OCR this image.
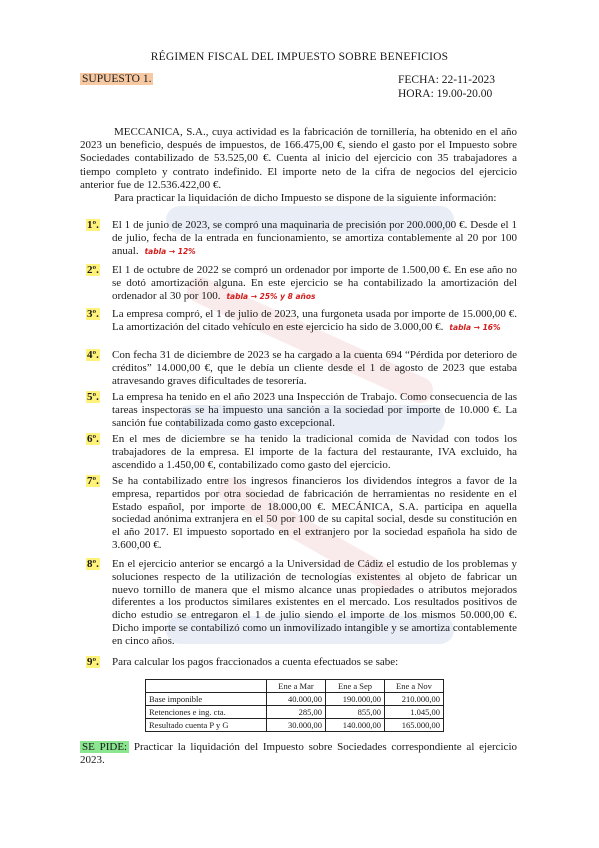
RÉGIMEN FISCAL DEL IMPUESTO SOBRE BENEFICIOS
SUPUESTO 1.	FECHA: 22-11-2023
HORA: 19.00-20.00

MECCANICA, S.A., cuya actividad es la fabricación de tornillería, ha obtenido en el año 2023 un beneficio, después de impuestos, de 166.475,00 €, siendo el gasto por el Impuesto sobre Sociedades contabilizado de 53.525,00 €. Cuenta al inicio del ejercicio con 35 trabajadores a tiempo completo y contrato indefinido. El importe neto de la cifra de negocios del ejercicio anterior fue de 12.536.422,00 €.

Para practicar la liquidación de dicho Impuesto se dispone de la siguiente información:

1º.	El 1 de junio de 2023, se compró una maquinaria de precisión por 200.000,00 €. Desde el 1 de julio, fecha de la entrada en funcionamiento, se amortiza contablemente al 20 por 100 anual. tabla → 12%
2º.	El 1 de octubre de 2022 se compró un ordenador por importe de 1.500,00 €. En ese año no se dotó amortización alguna. En este ejercicio se ha contabilizado la amortización del ordenador al 30 por 100. tabla → 25% y 8 años
3º.	La empresa compró, el 1 de julio de 2023, una furgoneta usada por importe de 15.000,00 €. La amortización del citado vehículo en este ejercicio ha sido de 3.000,00 €. tabla → 16%
4º.	Con fecha 31 de diciembre de 2023 se ha cargado a la cuenta 694 “Pérdida por deterioro de créditos” 14.000,00 €, que le debía un cliente desde el 1 de agosto de 2023 que estaba atravesando graves dificultades de tesorería.
5º.	La empresa ha tenido en el año 2023 una Inspección de Trabajo. Como consecuencia de las tareas inspectoras se ha impuesto una sanción a la sociedad por importe de 10.000 €. La sanción fue contabilizada como gasto excepcional.
6º.	En el mes de diciembre se ha tenido la tradicional comida de Navidad con todos los trabajadores de la empresa. El importe de la factura del restaurante, IVA excluido, ha ascendido a 1.450,00 €, contabilizado como gasto del ejercicio.
7º.	Se ha contabilizado entre los ingresos financieros los dividendos íntegros a favor de la empresa, repartidos por otra sociedad de fabricación de herramientas no residente en el Estado español, por importe de 18.000,00 €. MECÁNICA, S.A. participa en aquella sociedad anónima extranjera en el 50 por 100 de su capital social, desde su constitución en el año 2017. El impuesto soportado en el extranjero por la sociedad española ha sido de 3.600,00 €.
8º.	En el ejercicio anterior se encargó a la Universidad de Cádiz el estudio de los problemas y soluciones respecto de la utilización de tecnologías existentes al objeto de fabricar un nuevo tornillo de manera que el mismo alcance unas propiedades o atributos mejorados diferentes a los productos similares existentes en el mercado. Los resultados positivos de dicho estudio se entregaron el 1 de julio siendo el importe de los mismos 50.000,00 €. Dicho importe se contabilizó como un inmovilizado intangible y se amortiza contablemente en cinco años.
9º.	Para calcular los pagos fraccionados a cuenta efectuados se sabe:
	Ene a Mar	Ene a Sep	Ene a Nov
Base imponible	40.000,00	190.000,00	210.000,00
Retenciones e ing. cta.	285,00	855,00	1.045,00
Resultado cuenta P y G	30.000,00	140.000,00	165.000,00
SE PIDE: Practicar la liquidación del Impuesto sobre Sociedades correspondiente al ejercicio 2023.
